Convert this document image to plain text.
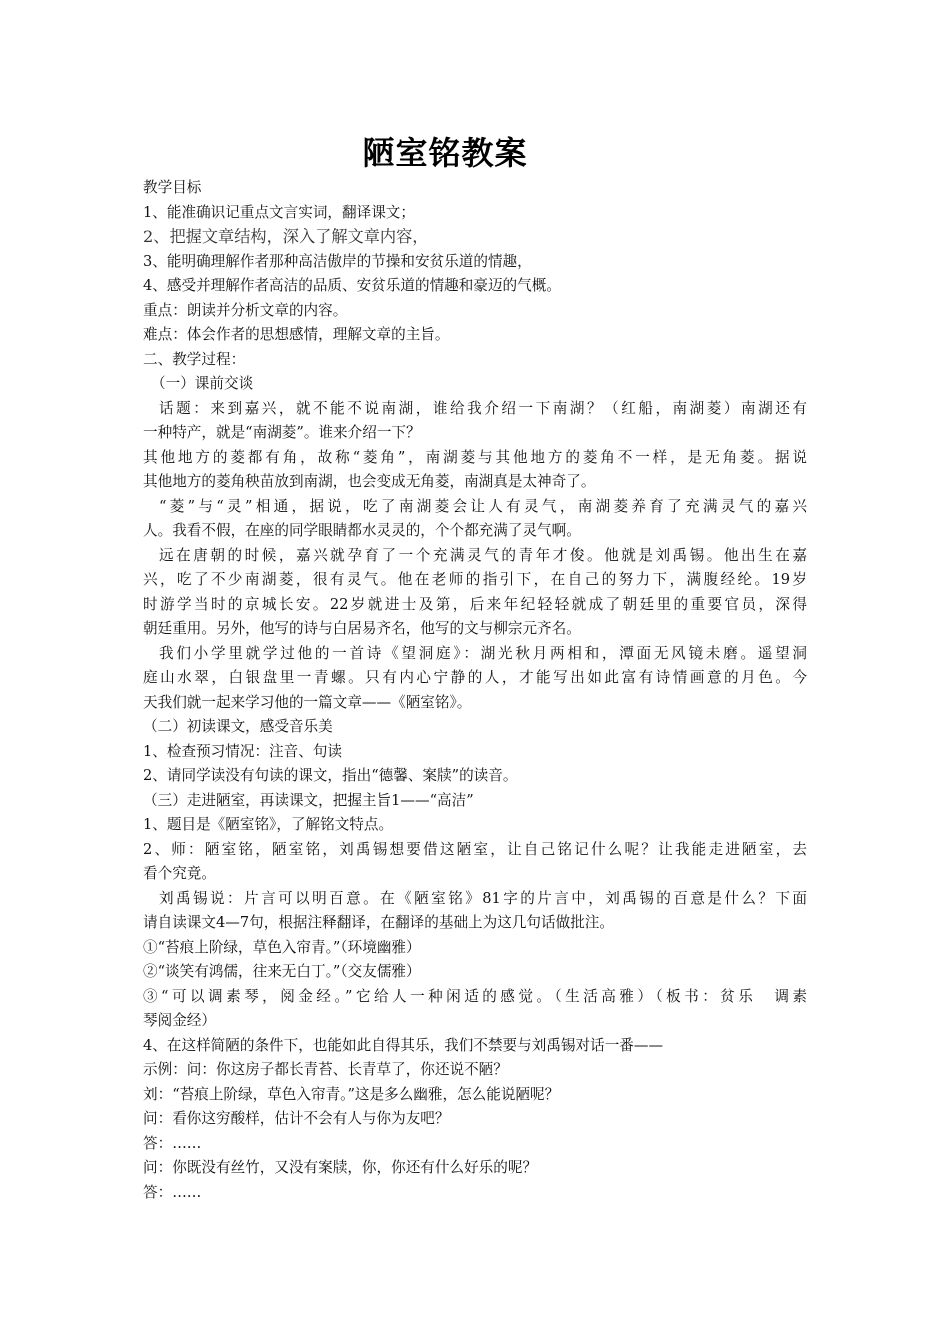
陋室铭教案
教学目标
1、能准确识记重点文言实词，翻译课文；
2、把握文章结构，深入了解文章内容，
3、能明确理解作者那种高洁傲岸的节操和安贫乐道的情趣，
4、感受并理解作者高洁的品质、安贫乐道的情趣和豪迈的气概。
重点：朗读并分析文章的内容。
难点：体会作者的思想感情，理解文章的主旨。
二、教学过程：
（一）课前交谈
话题：来到嘉兴，就不能不说南湖，谁给我介绍一下南湖？（红船，南湖菱）南湖还有
一种特产，就是“南湖菱”。谁来介绍一下？
其他地方的菱都有角，故称“菱角”，南湖菱与其他地方的菱角不一样，是无角菱。据说
其他地方的菱角秧苗放到南湖，也会变成无角菱，南湖真是太神奇了。
“菱”与“灵”相通，据说，吃了南湖菱会让人有灵气，南湖菱养育了充满灵气的嘉兴
人。我看不假，在座的同学眼睛都水灵灵的，个个都充满了灵气啊。
远在唐朝的时候，嘉兴就孕育了一个充满灵气的青年才俊。他就是刘禹锡。他出生在嘉
兴，吃了不少南湖菱，很有灵气。他在老师的指引下，在自己的努力下，满腹经纶。19岁
时游学当时的京城长安。22岁就进士及第，后来年纪轻轻就成了朝廷里的重要官员，深得
朝廷重用。另外，他写的诗与白居易齐名，他写的文与柳宗元齐名。
我们小学里就学过他的一首诗《望洞庭》：湖光秋月两相和，潭面无风镜未磨。遥望洞
庭山水翠，白银盘里一青螺。只有内心宁静的人，才能写出如此富有诗情画意的月色。今
天我们就一起来学习他的一篇文章——《陋室铭》。
（二）初读课文，感受音乐美
1、检查预习情况：注音、句读
2、请同学读没有句读的课文，指出“德馨、案牍”的读音。
（三）走进陋室，再读课文，把握主旨1——“高洁”
1、题目是《陋室铭》，了解铭文特点。
2、师：陋室铭，陋室铭，刘禹锡想要借这陋室，让自己铭记什么呢？让我能走进陋室，去
看个究竟。
刘禹锡说：片言可以明百意。在《陋室铭》81字的片言中，刘禹锡的百意是什么？下面
请自读课文4—7句，根据注释翻译，在翻译的基础上为这几句话做批注。
①“苔痕上阶绿，草色入帘青。”（环境幽雅）
②“谈笑有鸿儒，往来无白丁。”（交友儒雅）
③“可以调素琴，阅金经。”它给人一种闲适的感觉。（生活高雅）（板书：贫乐　调素
琴阅金经）
4、在这样简陋的条件下，也能如此自得其乐，我们不禁要与刘禹锡对话一番——
示例：问：你这房子都长青苔、长青草了，你还说不陋？
刘：“苔痕上阶绿，草色入帘青。”这是多么幽雅，怎么能说陋呢？
问：看你这穷酸样，估计不会有人与你为友吧？
答：……
问：你既没有丝竹，又没有案牍，你，你还有什么好乐的呢？
答：……
